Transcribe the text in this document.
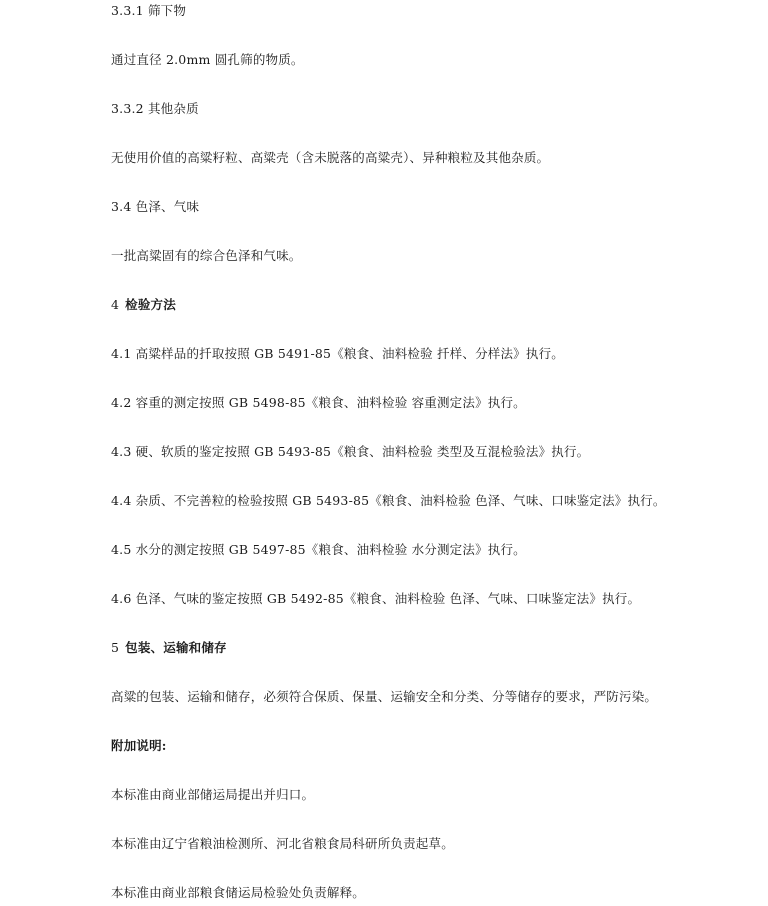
3.3.1 筛下物
通过直径 2.0mm 圆孔筛的物质。
3.3.2 其他杂质
无使用价值的高粱籽粒、高粱壳（含未脱落的高粱壳）、异种粮粒及其他杂质。
3.4 色泽、气味
一批高粱固有的综合色泽和气味。
4 检验方法
4.1 高粱样品的扦取按照 GB 5491-85《粮食、油料检验 扦样、分样法》执行。
4.2 容重的测定按照 GB 5498-85《粮食、油料检验 容重测定法》执行。
4.3 硬、软质的鉴定按照 GB 5493-85《粮食、油料检验 类型及互混检验法》执行。
4.4 杂质、不完善粒的检验按照 GB 5493-85《粮食、油料检验 色泽、气味、口味鉴定法》执行。
4.5 水分的测定按照 GB 5497-85《粮食、油料检验 水分测定法》执行。
4.6 色泽、气味的鉴定按照 GB 5492-85《粮食、油料检验 色泽、气味、口味鉴定法》执行。
5 包装、运输和储存
高粱的包装、运输和储存，必须符合保质、保量、运输安全和分类、分等储存的要求，严防污染。
附加说明:
本标准由商业部储运局提出并归口。
本标准由辽宁省粮油检测所、河北省粮食局科研所负责起草。
本标准由商业部粮食储运局检验处负责解释。
